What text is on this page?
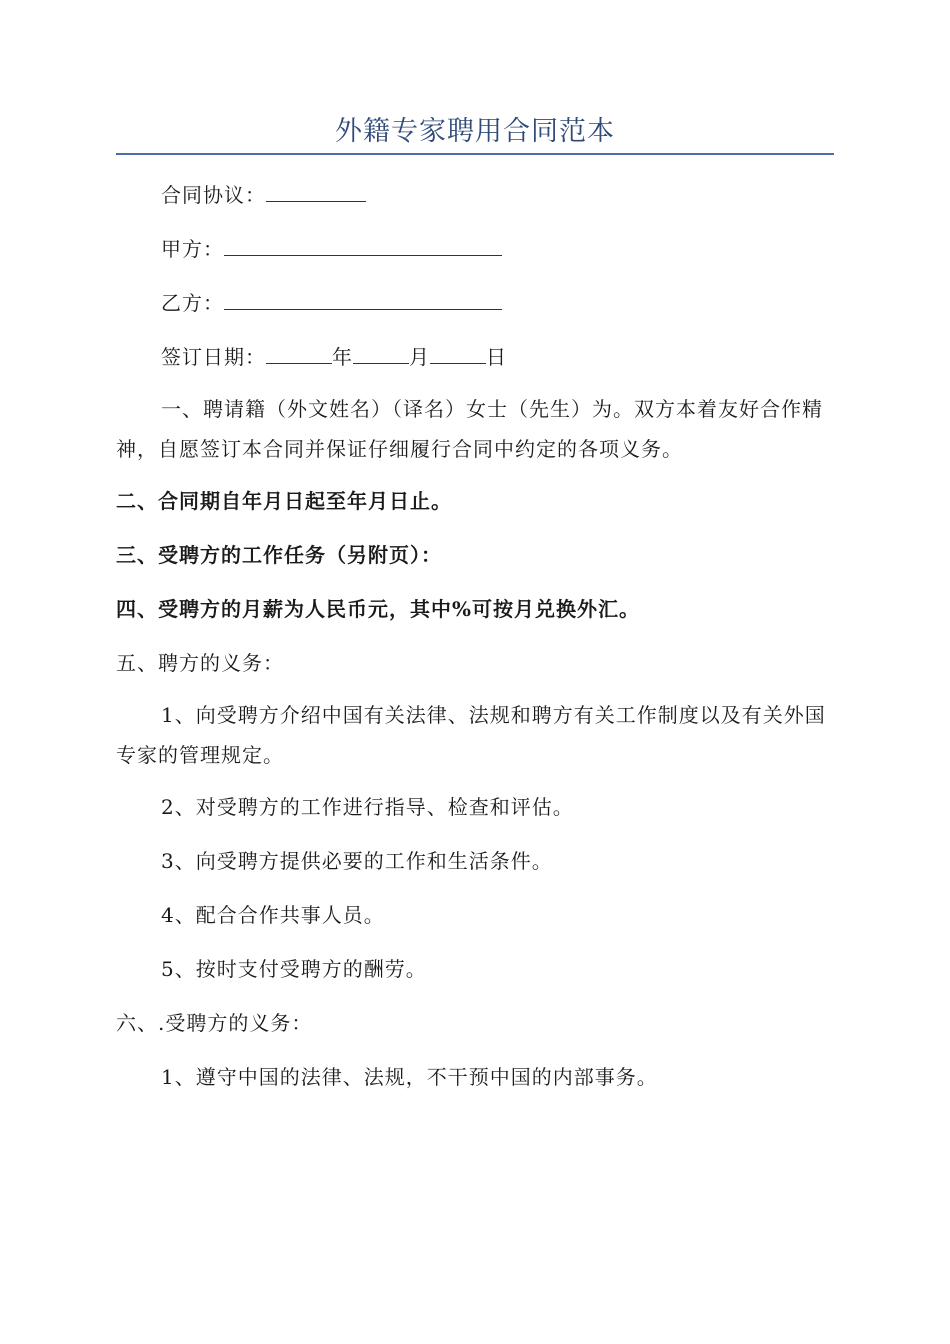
外籍专家聘用合同范本

合同协议：

甲方：

乙方：

签订日期：	年	月	日

一、聘请籍（外文姓名）（译名）女士（先生）为。双方本着友好合作精神，自愿签订本合同并保证仔细履行合同中约定的各项义务。

二、合同期自年月日起至年月日止。

三、受聘方的工作任务（另附页）：

四、受聘方的月薪为人民币元，其中%可按月兑换外汇。

五、聘方的义务：

1、向受聘方介绍中国有关法律、法规和聘方有关工作制度以及有关外国专家的管理规定。

2、对受聘方的工作进行指导、检查和评估。

3、向受聘方提供必要的工作和生活条件。

4、配合合作共事人员。

5、按时支付受聘方的酬劳。

六、.受聘方的义务：

1、遵守中国的法律、法规，不干预中国的内部事务。
